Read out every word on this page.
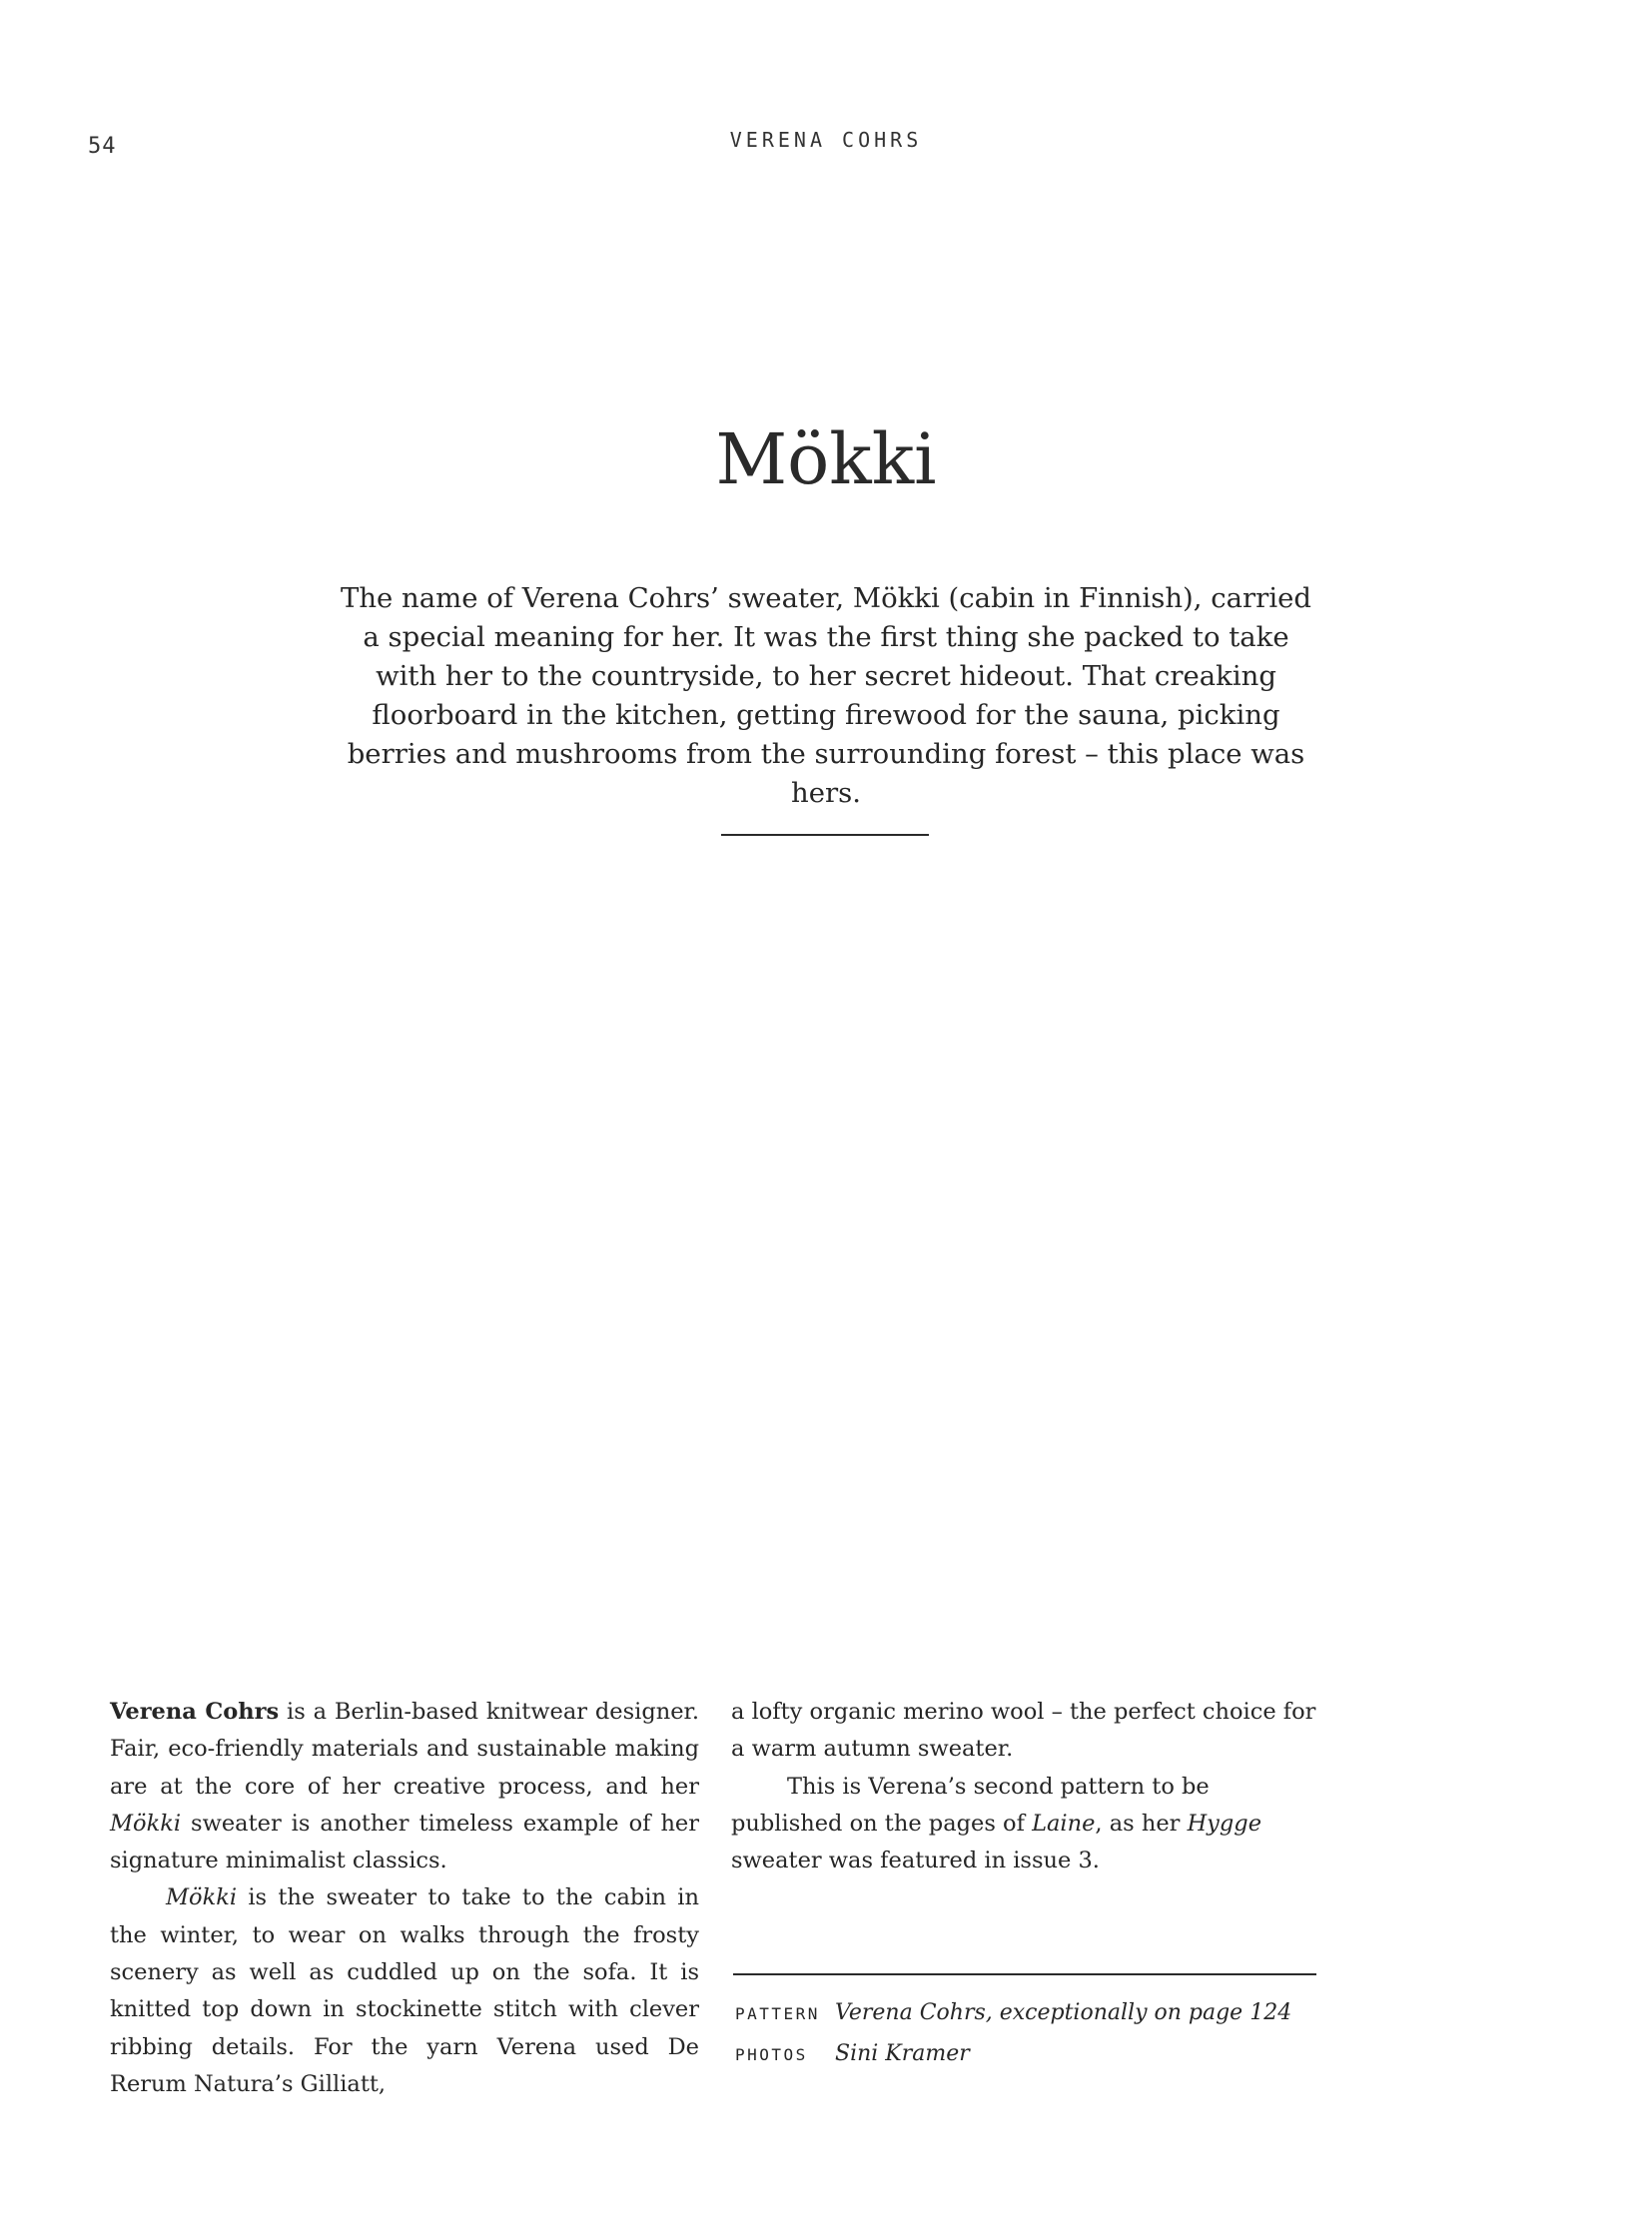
54	VERENA COHRS
Mökki

The name of Verena Cohrs’ sweater, Mökki (cabin in Finnish), carried a special meaning for her. It was the first thing she packed to take with her to the countryside, to her secret hideout. That creaking floorboard in the kitchen, getting firewood for the sauna, picking berries and mushrooms from the surrounding forest – this place was hers.

Verena Cohrs is a Berlin-based knitwear designer. Fair, eco-friendly materials and sustainable making are at the core of her creative process, and her Mökki sweater is another timeless example of her signature minimalist classics.

Mökki is the sweater to take to the cabin in the winter, to wear on walks through the frosty scenery as well as cuddled up on the sofa. It is knitted top down in stockinette stitch with clever ribbing details. For the yarn Verena used De Rerum Natura’s Gilliatt,

a lofty organic merino wool – the perfect choice for a warm autumn sweater.

This is Verena’s second pattern to be published on the pages of Laine, as her Hygge sweater was featured in issue 3.

PATTERN Verena Cohrs, exceptionally on page 124
PHOTOS Sini Kramer
